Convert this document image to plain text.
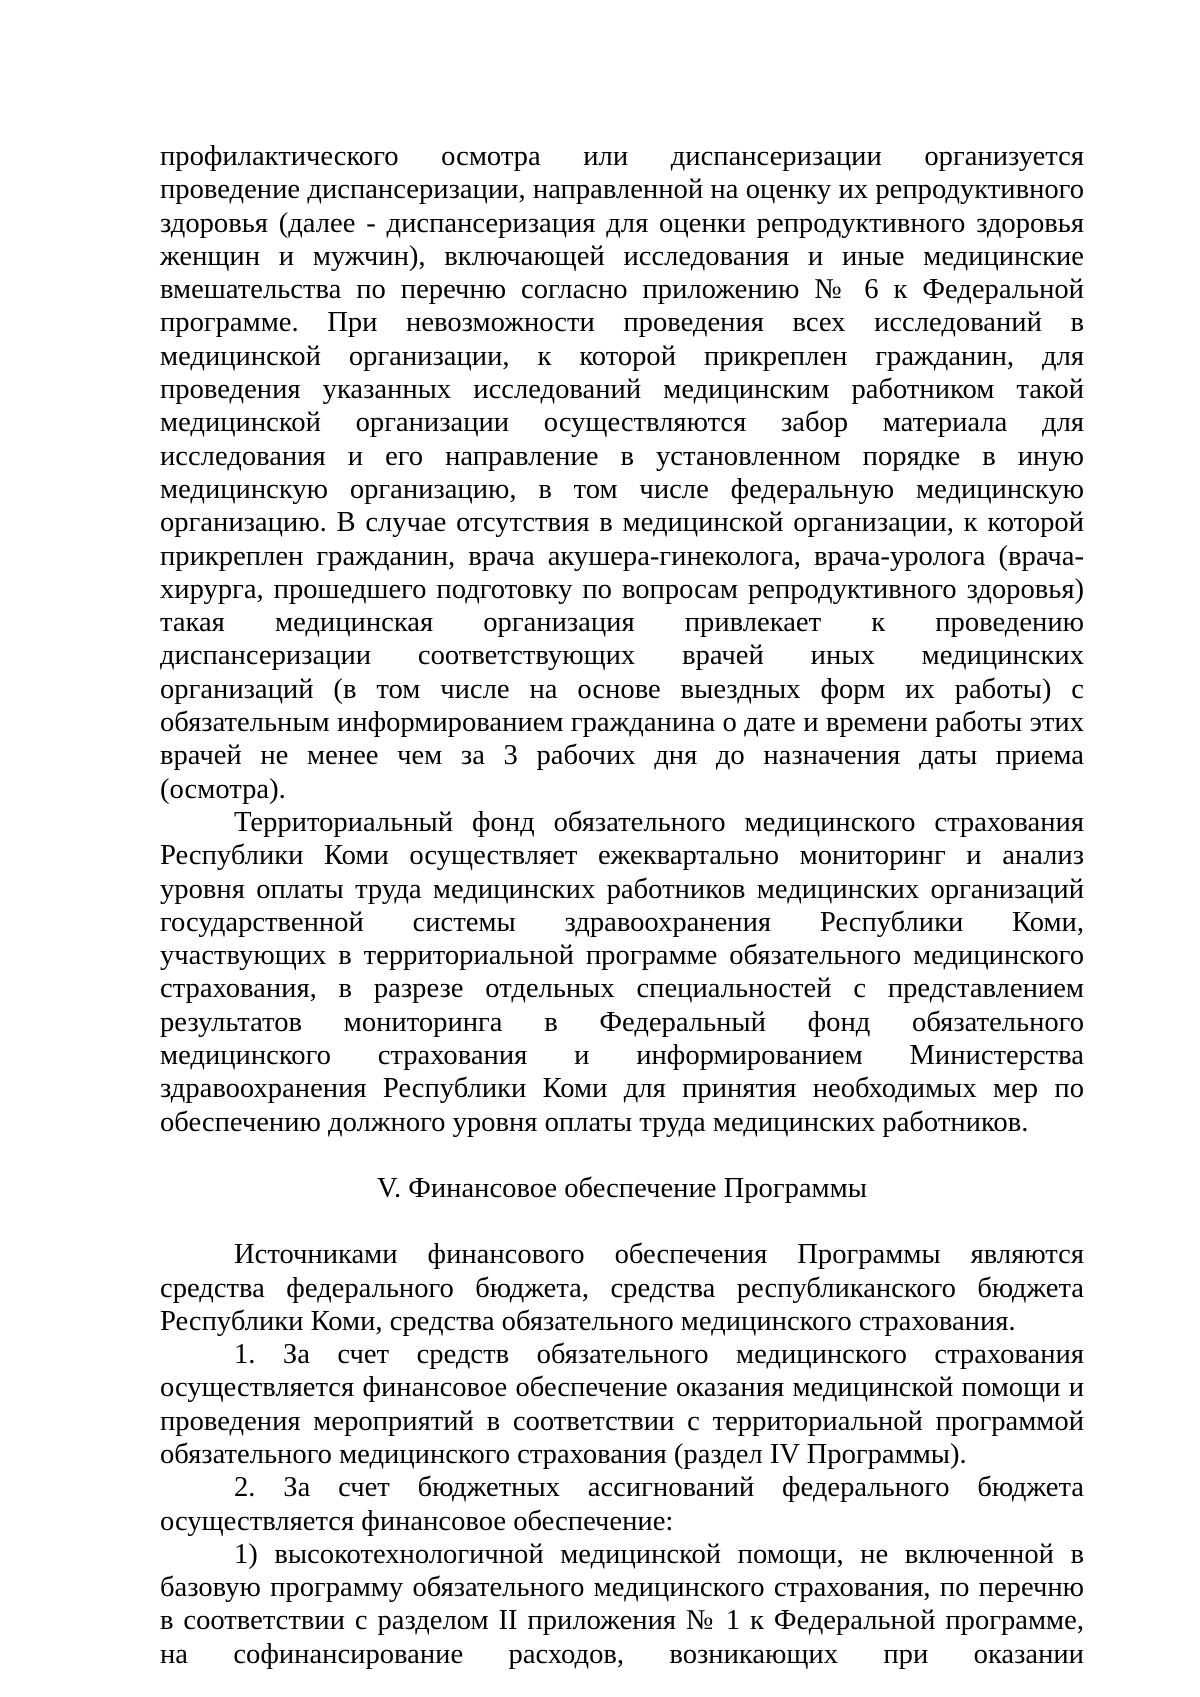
профилактического осмотра или диспансеризации организуется проведение диспансеризации, направленной на оценку их репродуктивного здоровья (далее - диспансеризация для оценки репродуктивного здоровья женщин и мужчин), включающей исследования и иные медицинские вмешательства по перечню согласно приложению № 6 к Федеральной программе. При невозможности проведения всех исследований в медицинской организации, к которой прикреплен гражданин, для проведения указанных исследований медицинским работником такой медицинской организации осуществляются забор материала для исследования и его направление в установленном порядке в иную медицинскую организацию, в том числе федеральную медицинскую организацию. В случае отсутствия в медицинской организации, к которой прикреплен гражданин, врача акушера-гинеколога, врача-уролога (врача-хирурга, прошедшего подготовку по вопросам репродуктивного здоровья) такая медицинская организация привлекает к проведению диспансеризации соответствующих врачей иных медицинских организаций (в том числе на основе выездных форм их работы) с обязательным информированием гражданина о дате и времени работы этих врачей не менее чем за 3 рабочих дня до назначения даты приема (осмотра).

Территориальный фонд обязательного медицинского страхования Республики Коми осуществляет ежеквартально мониторинг и анализ уровня оплаты труда медицинских работников медицинских организаций государственной системы здравоохранения Республики Коми, участвующих в территориальной программе обязательного медицинского страхования, в разрезе отдельных специальностей с представлением результатов мониторинга в Федеральный фонд обязательного медицинского страхования и информированием Министерства здравоохранения Республики Коми для принятия необходимых мер по обеспечению должного уровня оплаты труда медицинских работников.

V. Финансовое обеспечение Программы

Источниками финансового обеспечения Программы являются средства федерального бюджета, средства республиканского бюджета Республики Коми, средства обязательного медицинского страхования.

1. За счет средств обязательного медицинского страхования осуществляется финансовое обеспечение оказания медицинской помощи и проведения мероприятий в соответствии с территориальной программой обязательного медицинского страхования (раздел IV Программы).

2. За счет бюджетных ассигнований федерального бюджета осуществляется финансовое обеспечение:

1) высокотехнологичной медицинской помощи, не включенной в базовую программу обязательного медицинского страхования, по перечню в соответствии с разделом II приложения № 1 к Федеральной программе, на софинансирование расходов, возникающих при оказании
